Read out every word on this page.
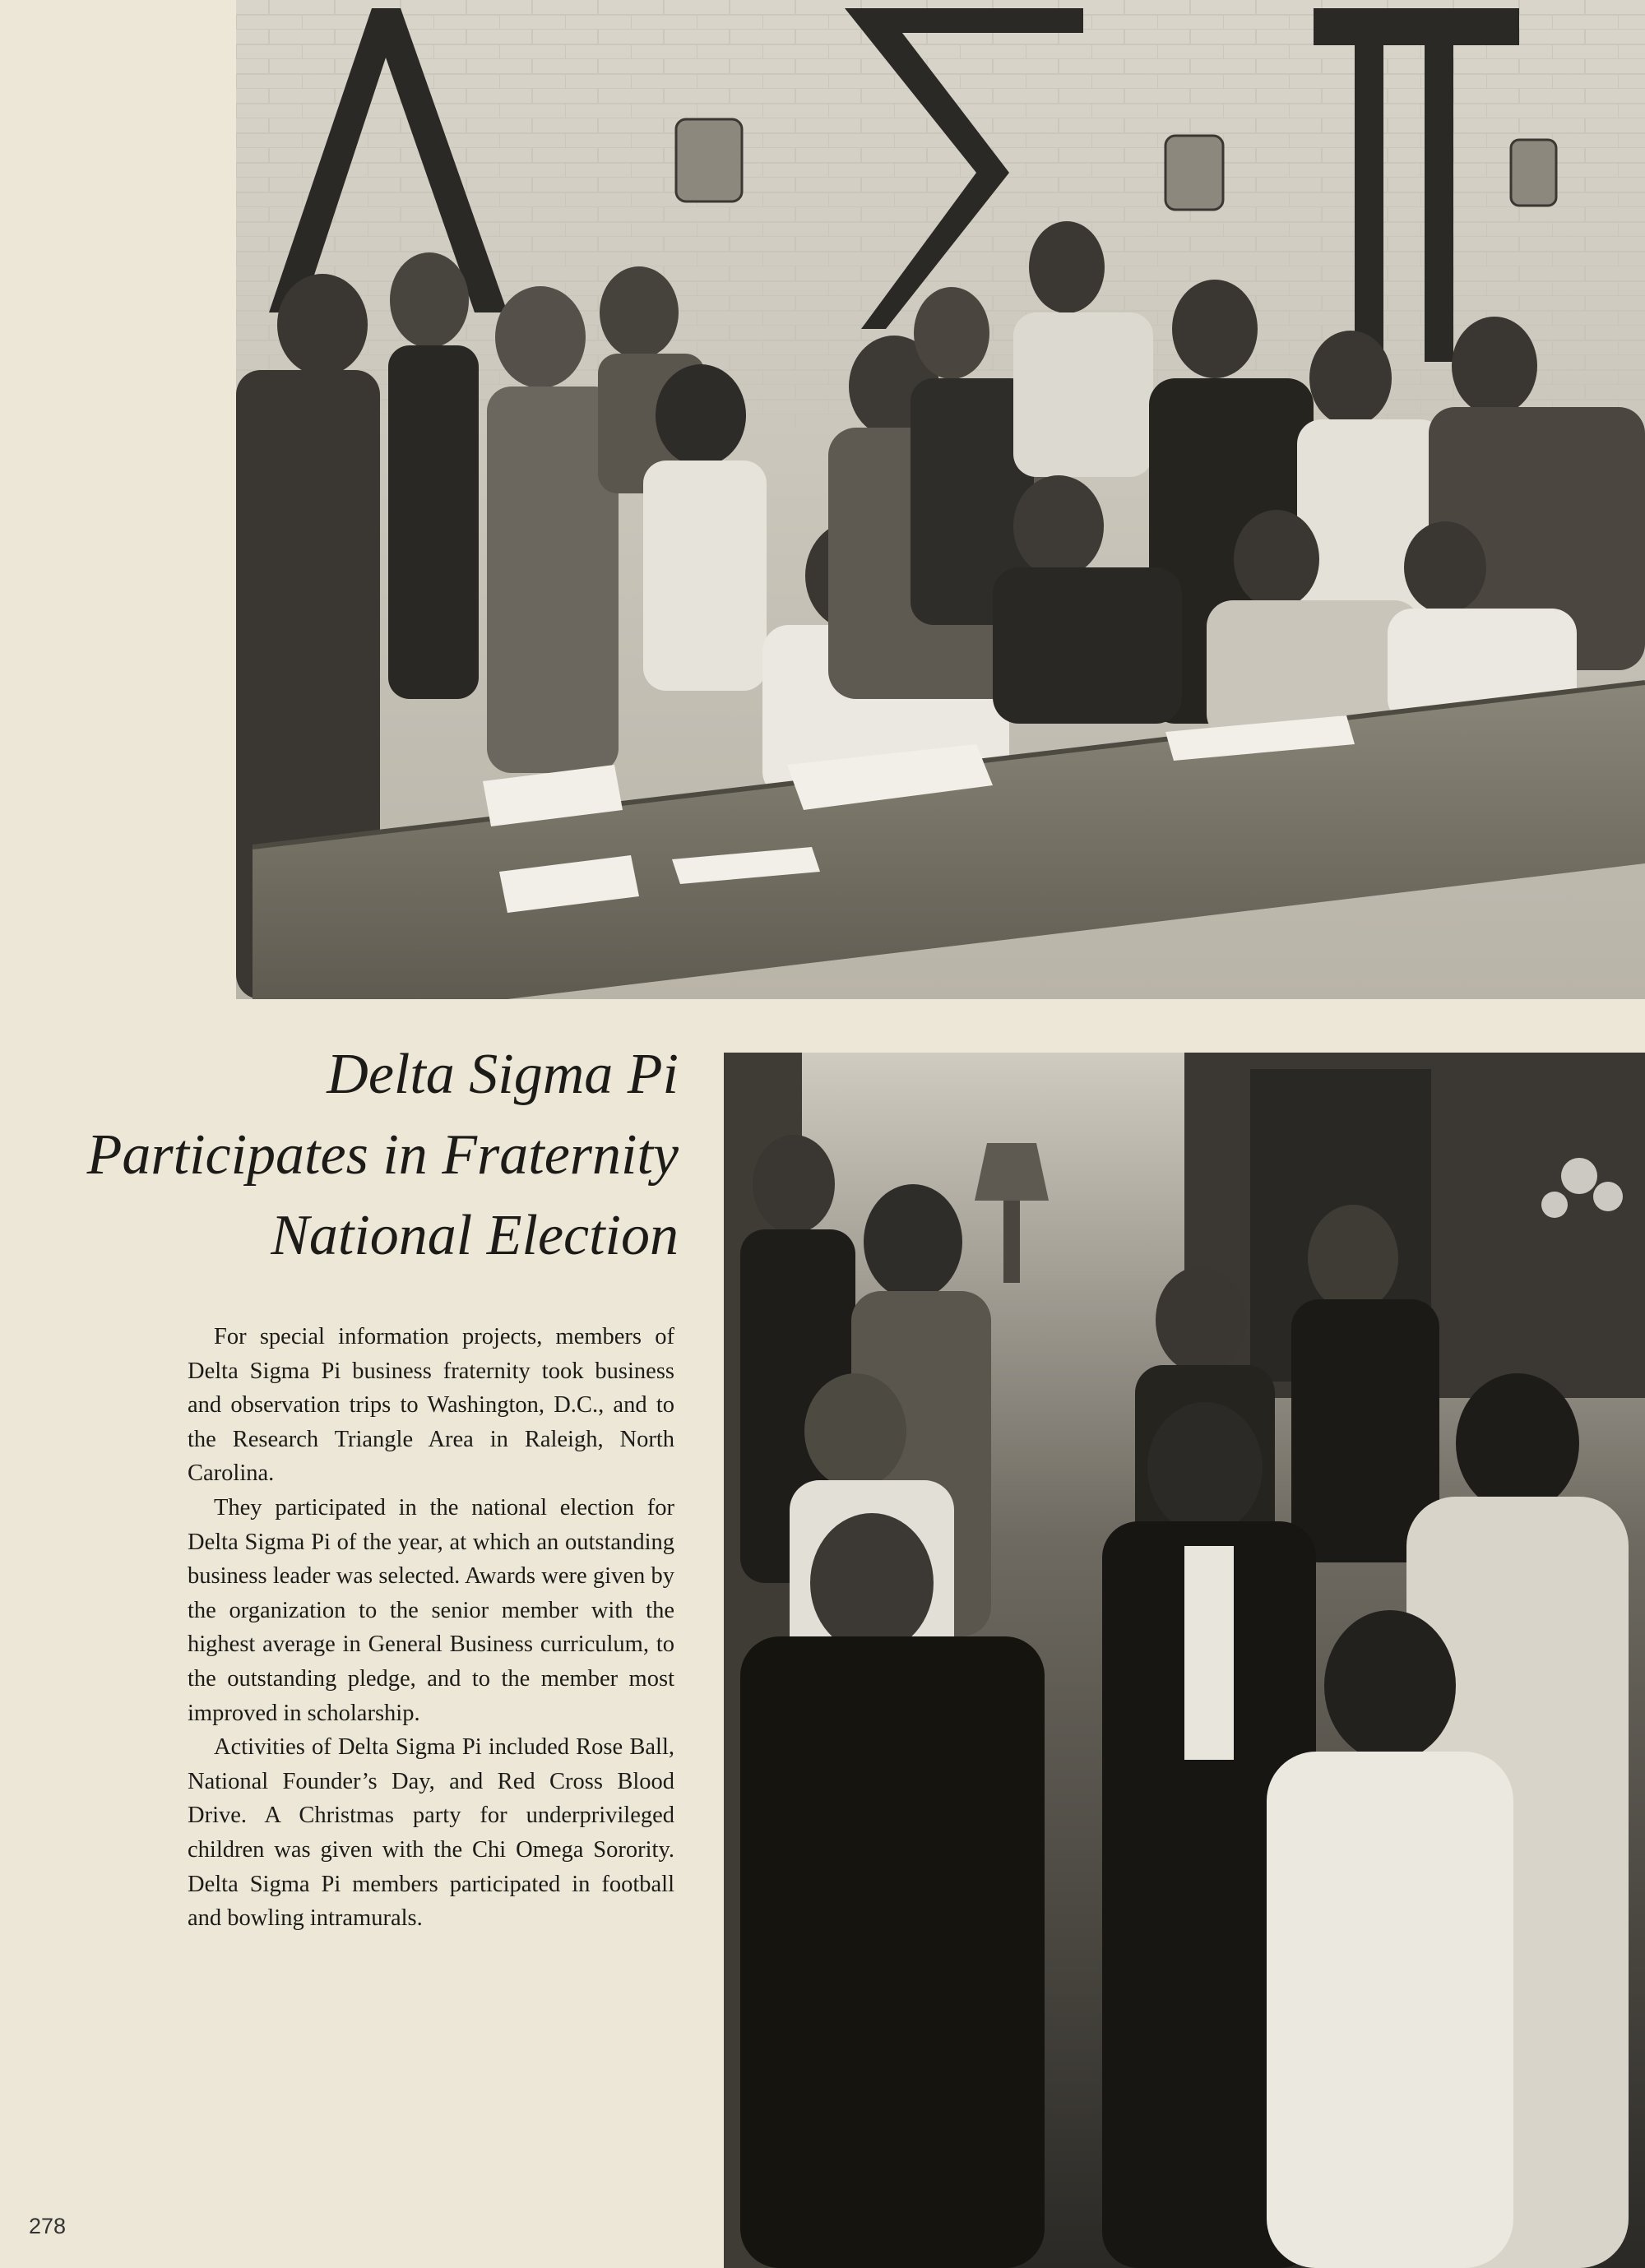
Delta Sigma Pi
Participates in Fraternity
National Election

For special information projects, members of Delta Sigma Pi business fraternity took business and observation trips to Washington, D.C., and to the Research Triangle Area in Raleigh, North Carolina.

They participated in the national election for Delta Sigma Pi of the year, at which an outstanding business leader was selected. Awards were given by the organization to the senior member with the highest average in General Business curriculum, to the outstanding pledge, and to the member most improved in scholarship.

Activities of Delta Sigma Pi included Rose Ball, National Founder’s Day, and Red Cross Blood Drive. A Christmas party for underprivileged children was given with the Chi Omega Sorority. Delta Sigma Pi members participated in football and bowling intramurals.

278
